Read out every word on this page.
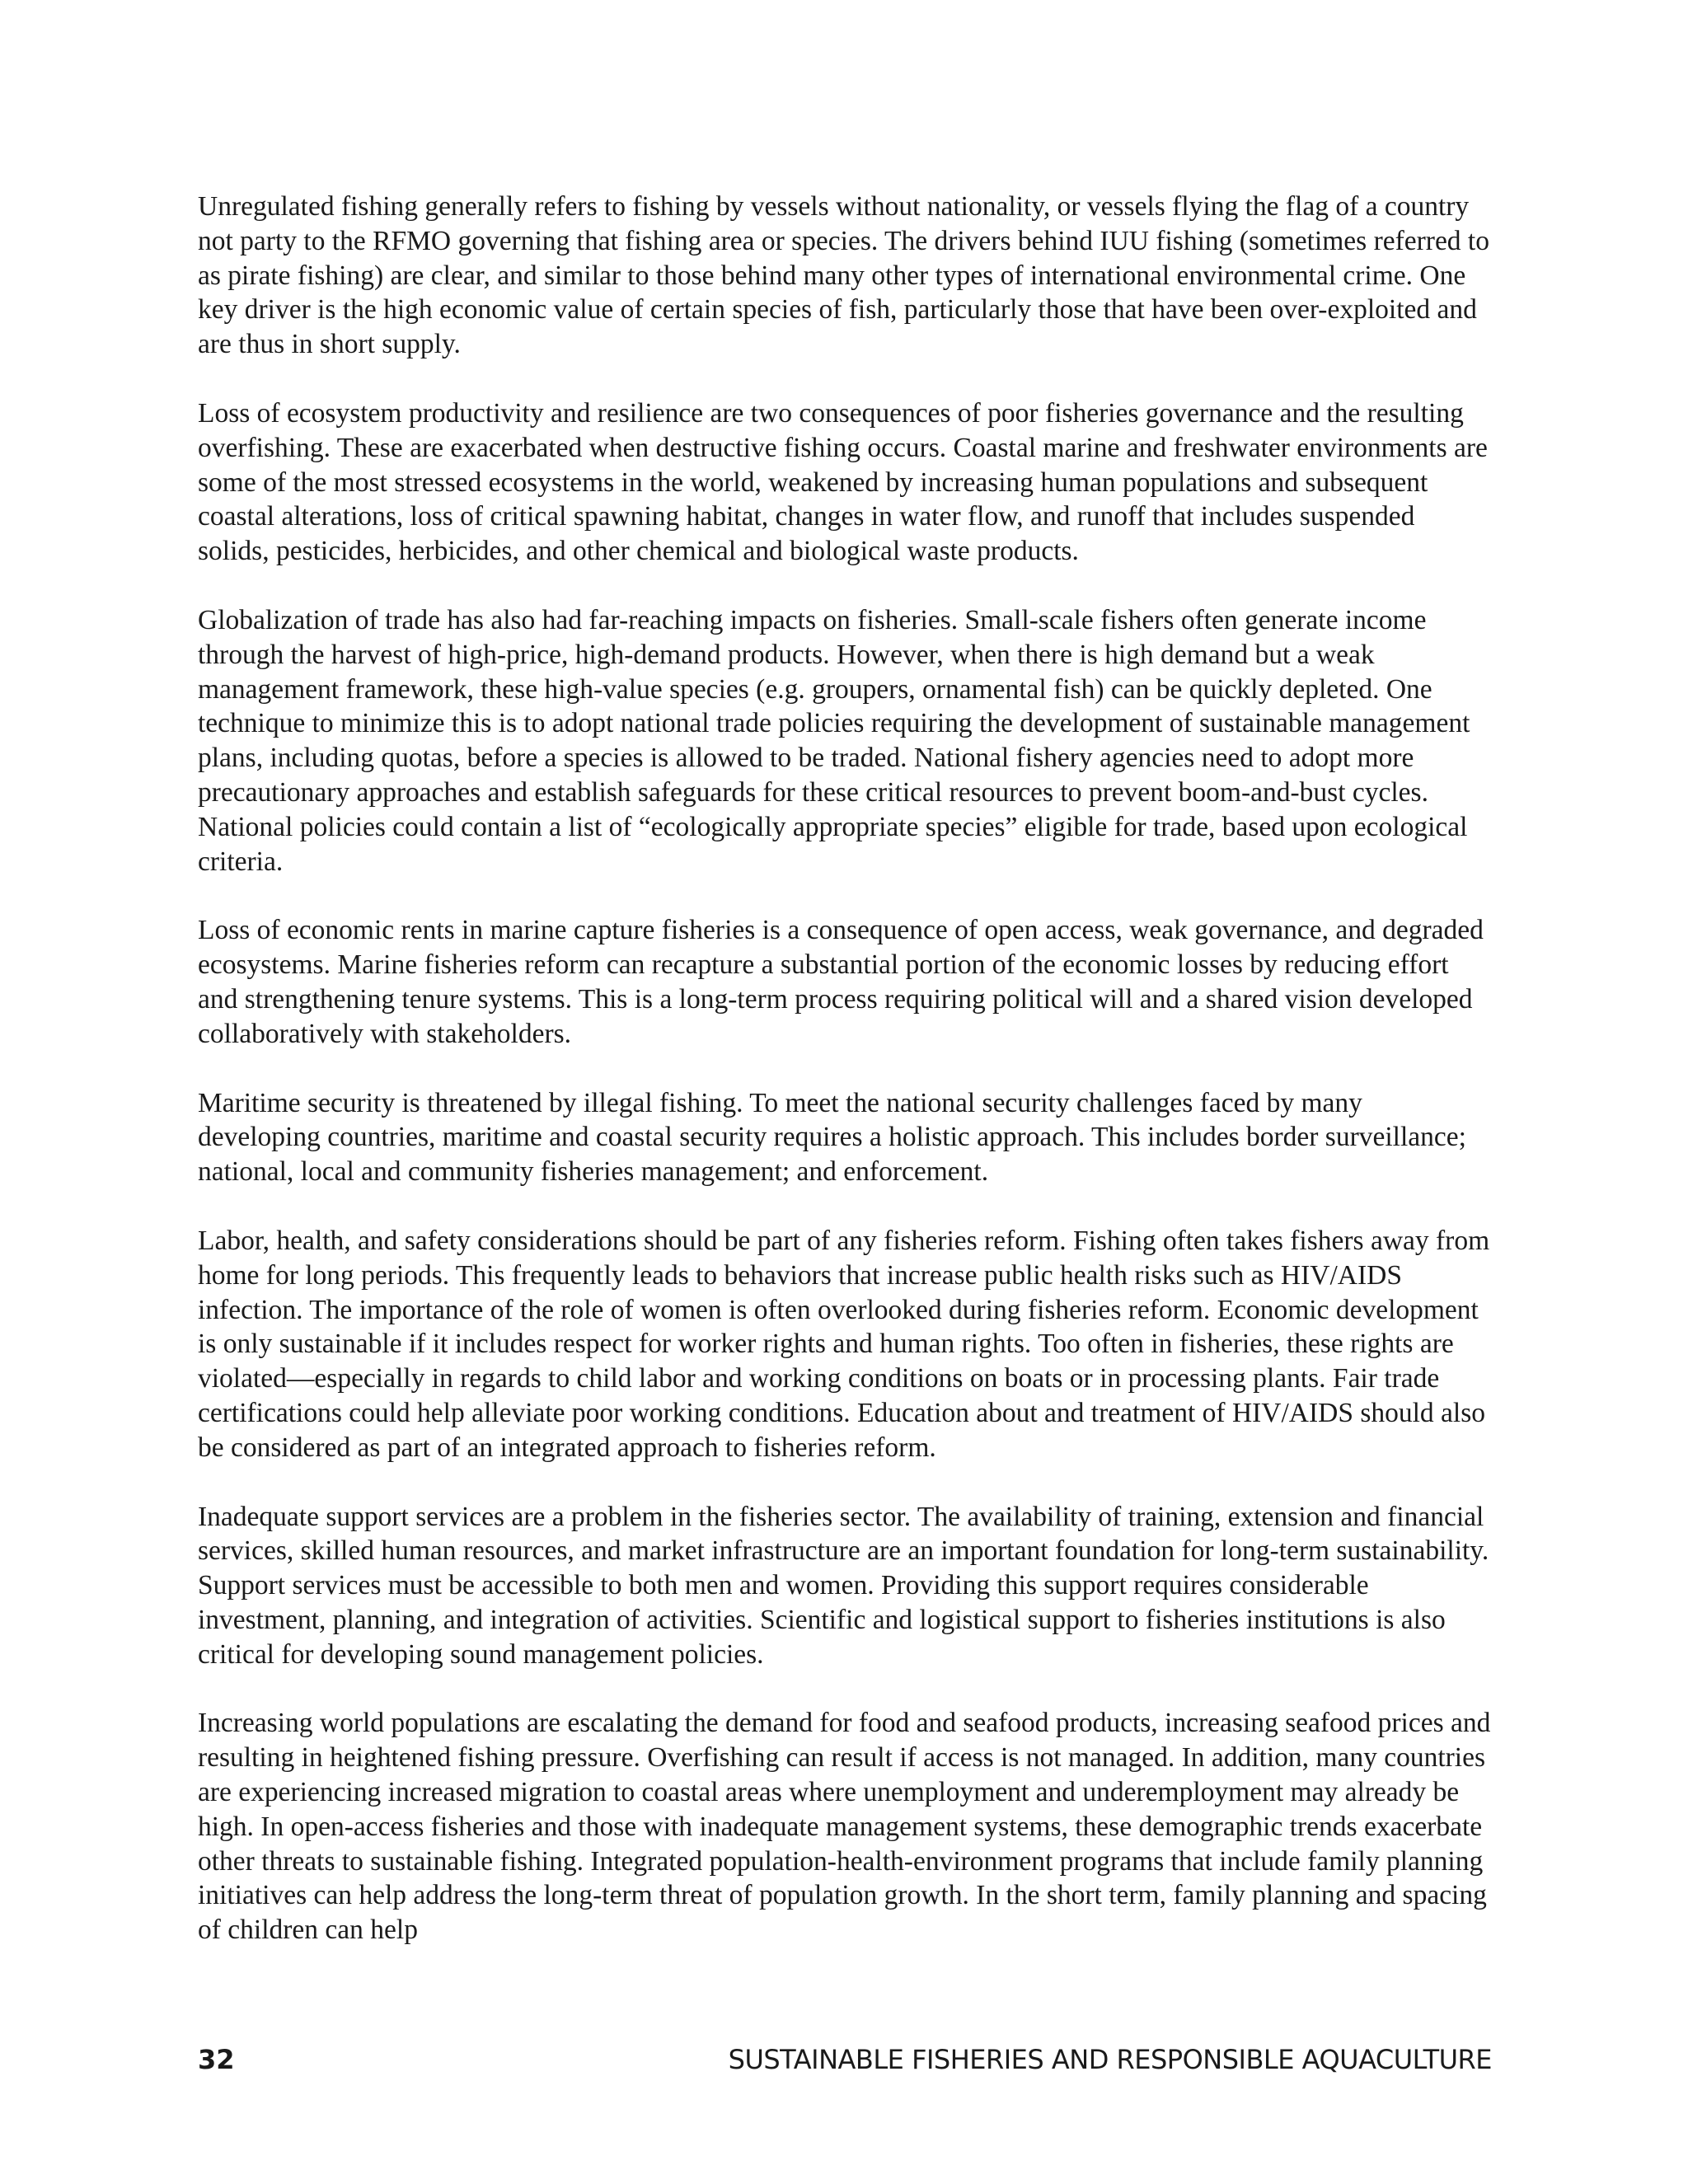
Unregulated fishing generally refers to fishing by vessels without nationality, or vessels flying the flag of a country not party to the RFMO governing that fishing area or species. The drivers behind IUU fishing (sometimes referred to as pirate fishing) are clear, and similar to those behind many other types of international environmental crime. One key driver is the high economic value of certain species of fish, particularly those that have been over-exploited and are thus in short supply.

Loss of ecosystem productivity and resilience are two consequences of poor fisheries governance and the resulting overfishing. These are exacerbated when destructive fishing occurs. Coastal marine and freshwater environments are some of the most stressed ecosystems in the world, weakened by increasing human populations and subsequent coastal alterations, loss of critical spawning habitat, changes in water flow, and runoff that includes suspended solids, pesticides, herbicides, and other chemical and biological waste products.

Globalization of trade has also had far-reaching impacts on fisheries. Small-scale fishers often generate income through the harvest of high-price, high-demand products. However, when there is high demand but a weak management framework, these high-value species (e.g. groupers, ornamental fish) can be quickly depleted. One technique to minimize this is to adopt national trade policies requiring the development of sustainable management plans, including quotas, before a species is allowed to be traded. National fishery agencies need to adopt more precautionary approaches and establish safeguards for these critical resources to prevent boom-and-bust cycles. National policies could contain a list of “ecologically appropriate species” eligible for trade, based upon ecological criteria.

Loss of economic rents in marine capture fisheries is a consequence of open access, weak governance, and degraded ecosystems. Marine fisheries reform can recapture a substantial portion of the economic losses by reducing effort and strengthening tenure systems. This is a long-term process requiring political will and a shared vision developed collaboratively with stakeholders.

Maritime security is threatened by illegal fishing. To meet the national security challenges faced by many developing countries, maritime and coastal security requires a holistic approach. This includes border surveillance; national, local and community fisheries management; and enforcement.

Labor, health, and safety considerations should be part of any fisheries reform. Fishing often takes fishers away from home for long periods. This frequently leads to behaviors that increase public health risks such as HIV/AIDS infection. The importance of the role of women is often overlooked during fisheries reform. Economic development is only sustainable if it includes respect for worker rights and human rights. Too often in fisheries, these rights are violated—especially in regards to child labor and working conditions on boats or in processing plants. Fair trade certifications could help alleviate poor working conditions. Education about and treatment of HIV/AIDS should also be considered as part of an integrated approach to fisheries reform.

Inadequate support services are a problem in the fisheries sector. The availability of training, extension and financial services, skilled human resources, and market infrastructure are an important foundation for long-term sustainability. Support services must be accessible to both men and women. Providing this support requires considerable investment, planning, and integration of activities. Scientific and logistical support to fisheries institutions is also critical for developing sound management policies.

Increasing world populations are escalating the demand for food and seafood products, increasing seafood prices and resulting in heightened fishing pressure. Overfishing can result if access is not managed. In addition, many countries are experiencing increased migration to coastal areas where unemployment and underemployment may already be high. In open-access fisheries and those with inadequate management systems, these demographic trends exacerbate other threats to sustainable fishing. Integrated population-health-environment programs that include family planning initiatives can help address the long-term threat of population growth. In the short term, family planning and spacing of children can help

32	SUSTAINABLE FISHERIES AND RESPONSIBLE AQUACULTURE
